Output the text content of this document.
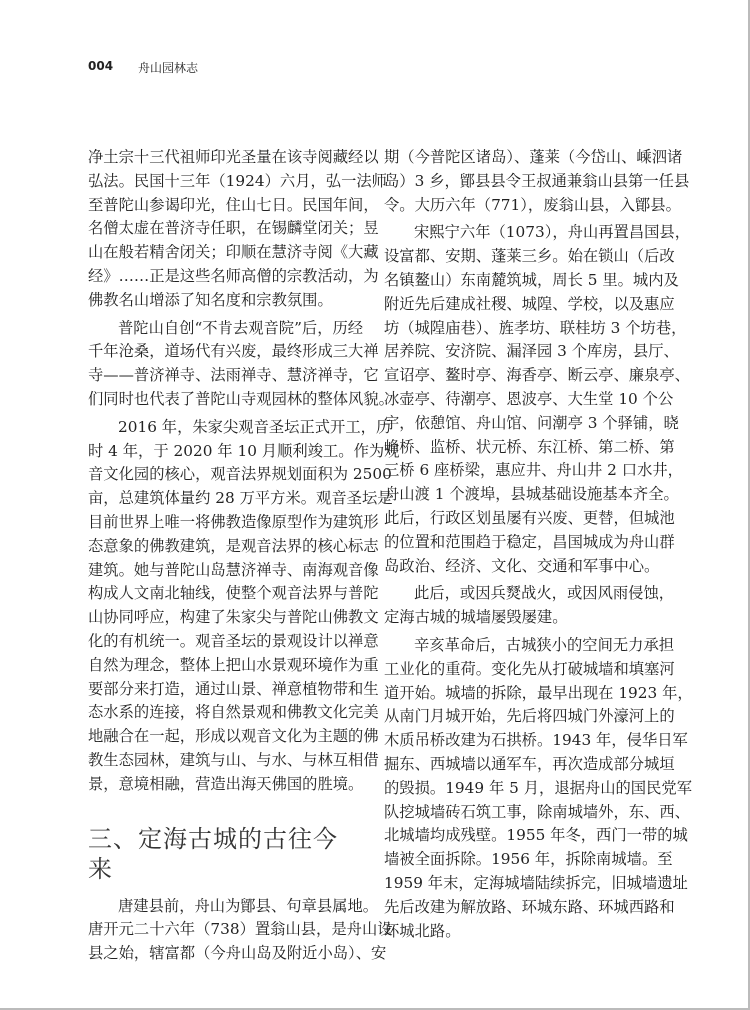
004 舟山园林志
净土宗十三代祖师印光圣量在该寺阅藏经以
弘法。民国十三年（1924）六月，弘一法师
至普陀山参谒印光，住山七日。民国年间，
名僧太虚在普济寺任职，在锡麟堂闭关；昱
山在般若精舍闭关；印顺在慧济寺阅《大藏
经》……正是这些名师高僧的宗教活动，为
佛教名山增添了知名度和宗教氛围。
普陀山自创“不肯去观音院”后，历经
千年沧桑，道场代有兴废，最终形成三大禅
寺——普济禅寺、法雨禅寺、慧济禅寺，它
们同时也代表了普陀山寺观园林的整体风貌。
2016 年，朱家尖观音圣坛正式开工，历
时 4 年，于 2020 年 10 月顺利竣工。作为观
音文化园的核心，观音法界规划面积为 2500
亩，总建筑体量约 28 万平方米。观音圣坛是
目前世界上唯一将佛教造像原型作为建筑形
态意象的佛教建筑，是观音法界的核心标志
建筑。她与普陀山岛慧济禅寺、南海观音像
构成人文南北轴线，使整个观音法界与普陀
山协同呼应，构建了朱家尖与普陀山佛教文
化的有机统一。观音圣坛的景观设计以禅意
自然为理念，整体上把山水景观环境作为重
要部分来打造，通过山景、禅意植物带和生
态水系的连接，将自然景观和佛教文化完美
地融合在一起，形成以观音文化为主题的佛
教生态园林，建筑与山、与水、与林互相借
景，意境相融，营造出海天佛国的胜境。
三、定海古城的古往今来
唐建县前，舟山为鄮县、句章县属地。
唐开元二十六年（738）置翁山县，是舟山设
县之始，辖富都（今舟山岛及附近小岛）、安
期（今普陀区诸岛）、蓬莱（今岱山、嵊泗诸
岛）3 乡，鄮县县令王叔通兼翁山县第一任县
令。大历六年（771），废翁山县，入鄮县。
宋熙宁六年（1073），舟山再置昌国县，
设富都、安期、蓬莱三乡。始在锁山（后改
名镇鳌山）东南麓筑城，周长 5 里。城内及
附近先后建成社稷、城隍、学校，以及惠应
坊（城隍庙巷）、旌孝坊、联桂坊 3 个坊巷，
居养院、安济院、漏泽园 3 个库房，县厅、
宣诏亭、鳌时亭、海香亭、断云亭、廉泉亭、
冰壶亭、待潮亭、恩波亭、大生堂 10 个公
宇，依憩馆、舟山馆、问潮亭 3 个驿铺，晓
峰桥、监桥、状元桥、东江桥、第二桥、第
三桥 6 座桥梁，惠应井、舟山井 2 口水井，
舟山渡 1 个渡埠，县城基础设施基本齐全。
此后，行政区划虽屡有兴废、更替，但城池
的位置和范围趋于稳定，昌国城成为舟山群
岛政治、经济、文化、交通和军事中心。
此后，或因兵燹战火，或因风雨侵蚀，
定海古城的城墙屡毁屡建。
辛亥革命后，古城狭小的空间无力承担
工业化的重荷。变化先从打破城墙和填塞河
道开始。城墙的拆除，最早出现在 1923 年，
从南门月城开始，先后将四城门外濠河上的
木质吊桥改建为石拱桥。1943 年，侵华日军
掘东、西城墙以通军车，再次造成部分城垣
的毁损。1949 年 5 月，退据舟山的国民党军
队挖城墙砖石筑工事，除南城墙外，东、西、
北城墙均成残壁。1955 年冬，西门一带的城
墙被全面拆除。1956 年，拆除南城墙。至
1959 年末，定海城墙陆续拆完，旧城墙遗址
先后改建为解放路、环城东路、环城西路和
环城北路。
